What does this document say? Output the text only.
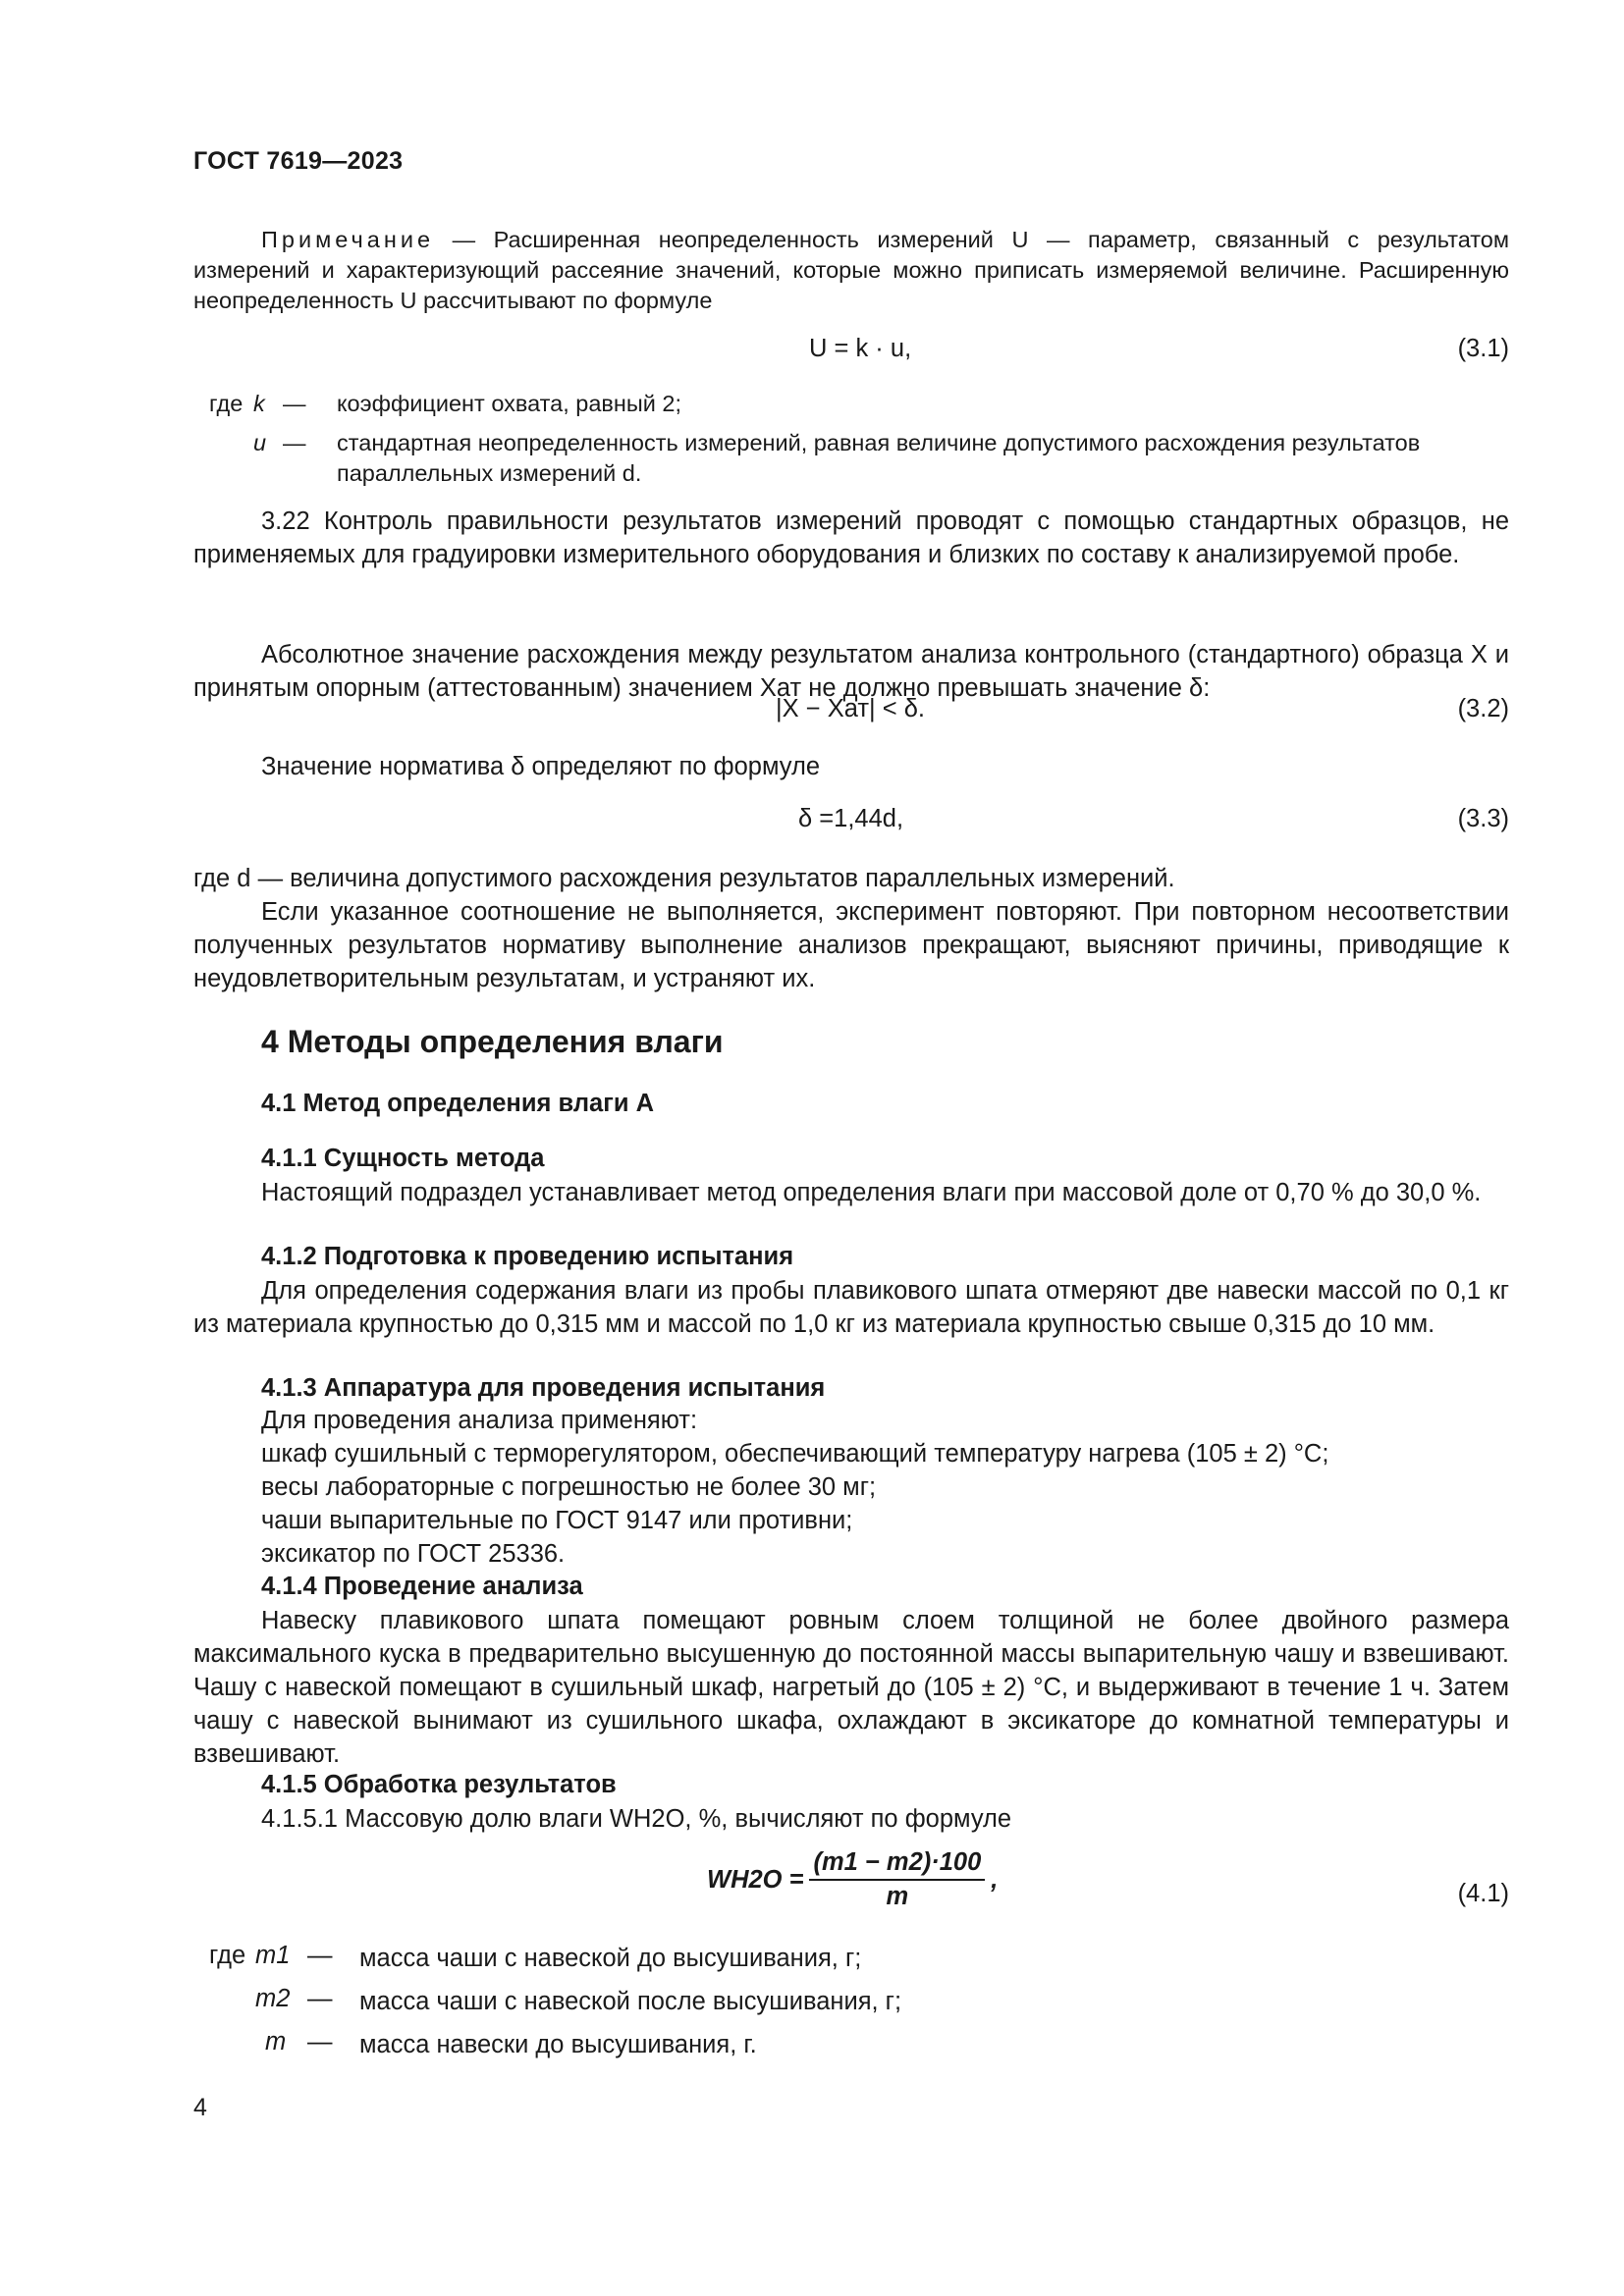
ГОСТ 7619—2023
Примечание — Расширенная неопределенность измерений U — параметр, связанный с результатом измерений и характеризующий рассеяние значений, которые можно приписать измеряемой величине. Расширенную неопределенность U рассчитывают по формуле
U = k · u,	(3.1)
где k — коэффициент охвата, равный 2;
u — стандартная неопределенность измерений, равная величине допустимого расхождения результатов параллельных измерений d.
3.22 Контроль правильности результатов измерений проводят с помощью стандартных образцов, не применяемых для градуировки измерительного оборудования и близких по составу к анализируемой пробе.
Абсолютное значение расхождения между результатом анализа контрольного (стандартного) образца X и принятым опорным (аттестованным) значением Xат не должно превышать значение δ:
|X − Xат| < δ.	(3.2)
Значение норматива δ определяют по формуле
δ =1,44d,	(3.3)
где d — величина допустимого расхождения результатов параллельных измерений.
Если указанное соотношение не выполняется, эксперимент повторяют. При повторном несоответствии полученных результатов нормативу выполнение анализов прекращают, выясняют причины, приводящие к неудовлетворительным результатам, и устраняют их.
4 Методы определения влаги
4.1 Метод определения влаги А
4.1.1 Сущность метода
Настоящий подраздел устанавливает метод определения влаги при массовой доле от 0,70 % до 30,0 %.
4.1.2 Подготовка к проведению испытания
Для определения содержания влаги из пробы плавикового шпата отмеряют две навески массой по 0,1 кг из материала крупностью до 0,315 мм и массой по 1,0 кг из материала крупностью свыше 0,315 до 10 мм.
4.1.3 Аппаратура для проведения испытания
Для проведения анализа применяют:
шкаф сушильный с терморегулятором, обеспечивающий температуру нагрева (105 ± 2) °С;
весы лабораторные с погрешностью не более 30 мг;
чаши выпарительные по ГОСТ 9147 или противни;
эксикатор по ГОСТ 25336.
4.1.4 Проведение анализа
Навеску плавикового шпата помещают ровным слоем толщиной не более двойного размера максимального куска в предварительно высушенную до постоянной массы выпарительную чашу и взвешивают. Чашу с навеской помещают в сушильный шкаф, нагретый до (105 ± 2) °С, и выдерживают в течение 1 ч. Затем чашу с навеской вынимают из сушильного шкафа, охлаждают в эксикаторе до комнатной температуры и взвешивают.
4.1.5 Обработка результатов
4.1.5.1 Массовую долю влаги WH2O, %, вычисляют по формуле
$WH2O = \frac{(m1 - m2)\cdot 100}{m}$ ,
(4.1)
где m1 — масса чаши с навеской до высушивания, г;
m2 — масса чаши с навеской после высушивания, г;
m — масса навески до высушивания, г.
4
